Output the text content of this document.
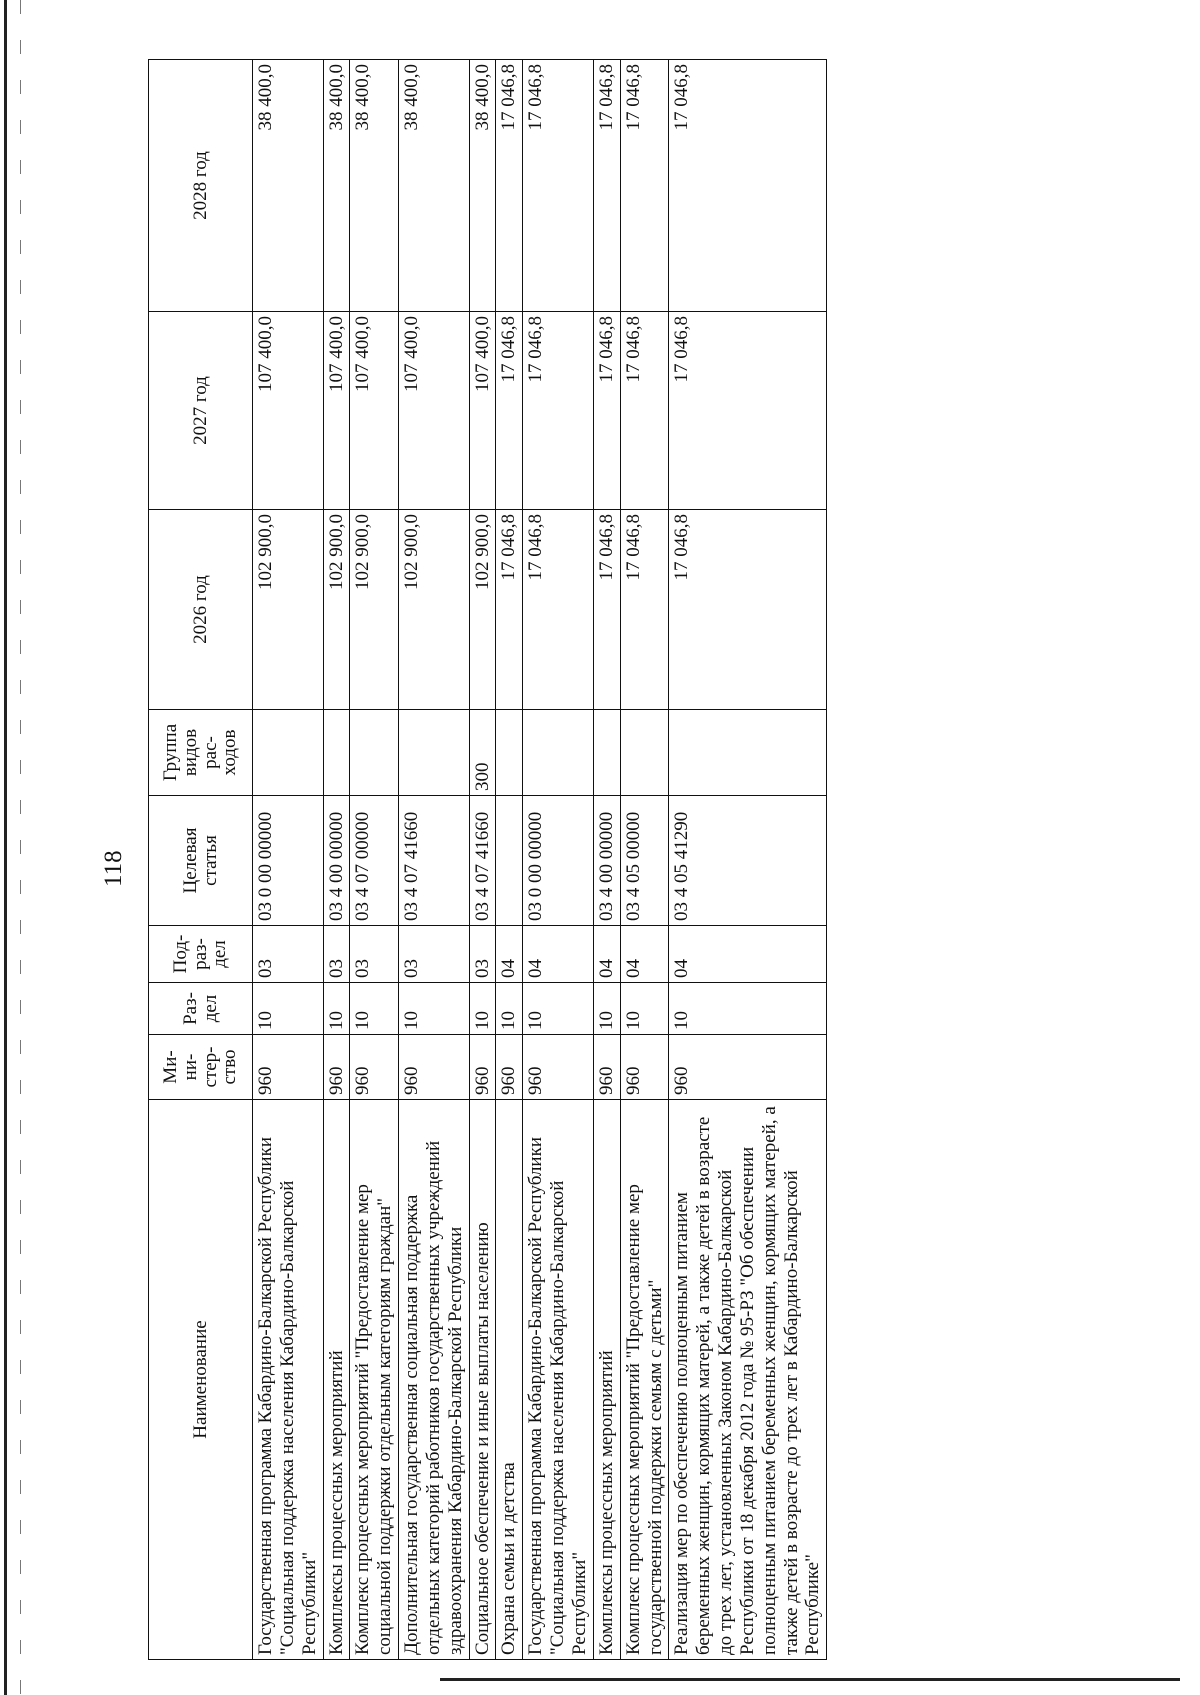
118
Наименование	Ми-ни-стер-ство	Раз-дел	Под-раз-дел	Целевая статья	Группа видов рас-ходов	2026 год	2027 год	2028 год
Государственная программа Кабардино-Балкарской Республики "Социальная поддержка населения Кабардино-Балкарской Республики"	960	10	03	03 0 00 00000		102 900,0	107 400,0	38 400,0
Комплексы процессных мероприятий	960	10	03	03 4 00 00000		102 900,0	107 400,0	38 400,0
Комплекс процессных мероприятий "Предоставление мер социальной поддержки отдельным категориям граждан"	960	10	03	03 4 07 00000		102 900,0	107 400,0	38 400,0
Дополнительная государственная социальная поддержка отдельных категорий работников государственных учреждений здравоохранения Кабардино-Балкарской Республики	960	10	03	03 4 07 41660		102 900,0	107 400,0	38 400,0
Социальное обеспечение и иные выплаты населению	960	10	03	03 4 07 41660	300	102 900,0	107 400,0	38 400,0
Охрана семьи и детства	960	10	04			17 046,8	17 046,8	17 046,8
Государственная программа Кабардино-Балкарской Республики "Социальная поддержка населения Кабардино-Балкарской Республики"	960	10	04	03 0 00 00000		17 046,8	17 046,8	17 046,8
Комплексы процессных мероприятий	960	10	04	03 4 00 00000		17 046,8	17 046,8	17 046,8
Комплекс процессных мероприятий "Предоставление мер государственной поддержки семьям с детьми"	960	10	04	03 4 05 00000		17 046,8	17 046,8	17 046,8
Реализация мер по обеспечению полноценным питанием беременных женщин, кормящих матерей, а также детей в возрасте до трех лет, установленных Законом Кабардино-Балкарской Республики от 18 декабря 2012 года № 95-РЗ "Об обеспечении полноценным питанием беременных женщин, кормящих матерей, а также детей в возрасте до трех лет в Кабардино-Балкарской Республике"	960	10	04	03 4 05 41290		17 046,8	17 046,8	17 046,8
